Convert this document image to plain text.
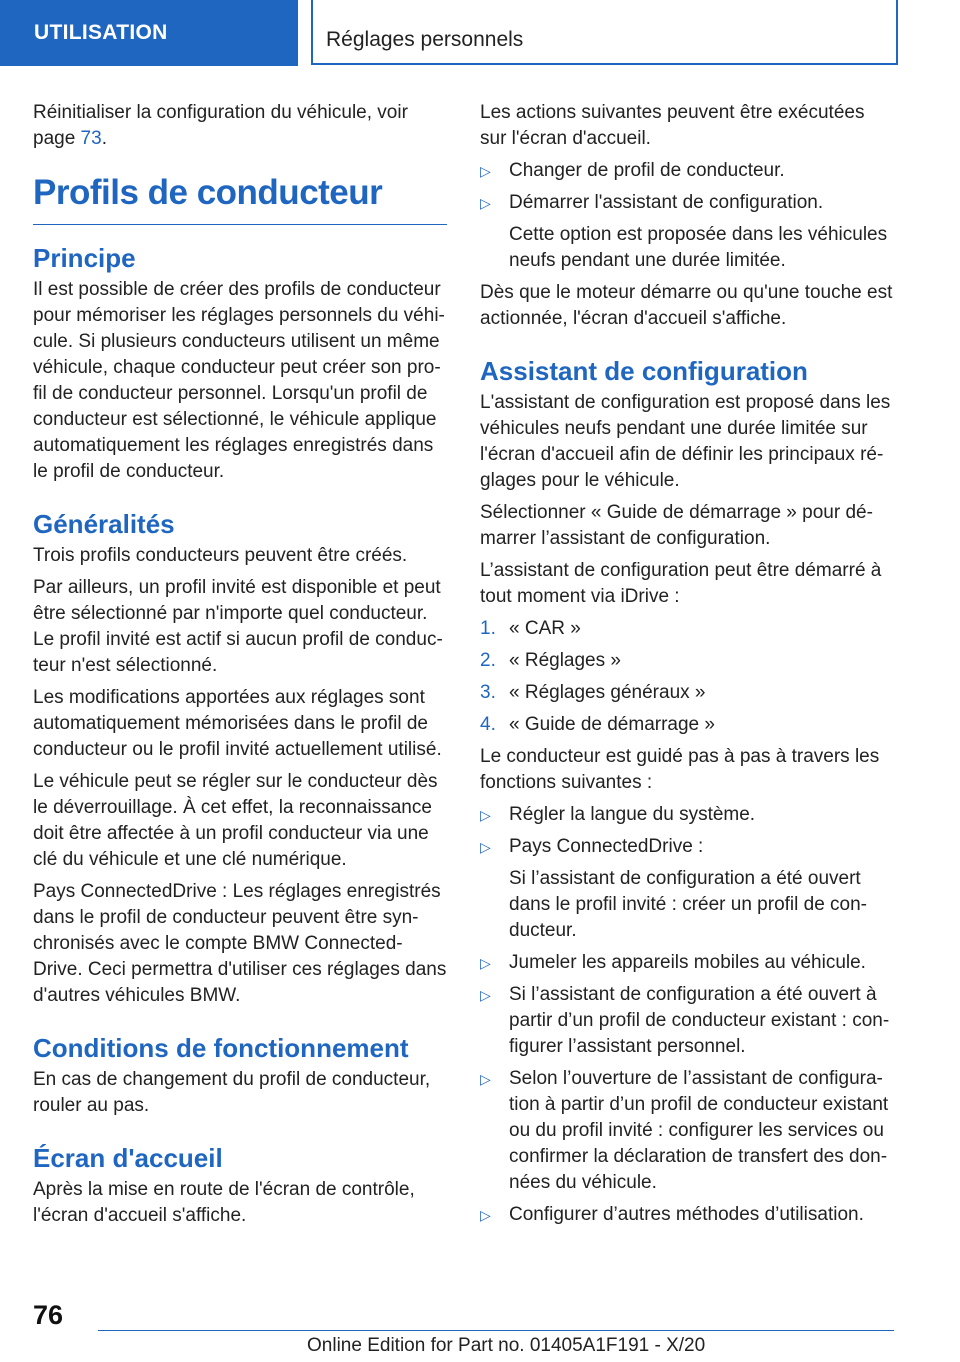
UTILISATION	Réglages personnels

Réinitialiser la configuration du véhicule, voir page 73.

Profils de conducteur
Principe

Il est possible de créer des profils de conducteur pour mémoriser les réglages personnels du véhi‐cule. Si plusieurs conducteurs utilisent un même véhicule, chaque conducteur peut créer son pro‐fil de conducteur personnel. Lorsqu'un profil de conducteur est sélectionné, le véhicule applique automatiquement les réglages enregistrés dans le profil de conducteur.

Généralités

Trois profils conducteurs peuvent être créés.

Par ailleurs, un profil invité est disponible et peut être sélectionné par n'importe quel conducteur. Le profil invité est actif si aucun profil de conduc‐teur n'est sélectionné.

Les modifications apportées aux réglages sont automatiquement mémorisées dans le profil de conducteur ou le profil invité actuellement utilisé.

Le véhicule peut se régler sur le conducteur dès le déverrouillage. À cet effet, la reconnaissance doit être affectée à un profil conducteur via une clé du véhicule et une clé numérique.

Pays ConnectedDrive : Les réglages enregistrés dans le profil de conducteur peuvent être syn‐chronisés avec le compte BMW Connected‐Drive. Ceci permettra d'utiliser ces réglages dans d'autres véhicules BMW.

Conditions de fonctionnement

En cas de changement du profil de conducteur, rouler au pas.

Écran d'accueil

Après la mise en route de l'écran de contrôle, l'écran d'accueil s'affiche.

Les actions suivantes peuvent être exécutées sur l'écran d'accueil.

▷ Changer de profil de conducteur.
▷ Démarrer l'assistant de configuration.
Cette option est proposée dans les véhicules neufs pendant une durée limitée.

Dès que le moteur démarre ou qu'une touche est actionnée, l'écran d'accueil s'affiche.

Assistant de configuration

L'assistant de configuration est proposé dans les véhicules neufs pendant une durée limitée sur l'écran d'accueil afin de définir les principaux ré‐glages pour le véhicule.

Sélectionner « Guide de démarrage » pour dé‐marrer l’assistant de configuration.

L’assistant de configuration peut être démarré à tout moment via iDrive :

1. « CAR »
2. « Réglages »
3. « Réglages généraux »
4. « Guide de démarrage »

Le conducteur est guidé pas à pas à travers les fonctions suivantes :

▷ Régler la langue du système.
▷ Pays ConnectedDrive :
Si l’assistant de configuration a été ouvert dans le profil invité : créer un profil de con‐ducteur.
▷ Jumeler les appareils mobiles au véhicule.
▷ Si l’assistant de configuration a été ouvert à partir d’un profil de conducteur existant : con‐figurer l’assistant personnel.
▷ Selon l’ouverture de l’assistant de configura‐tion à partir d’un profil de conducteur existant ou du profil invité : configurer les services ou confirmer la déclaration de transfert des don‐nées du véhicule.
▷ Configurer d’autres méthodes d’utilisation.
76
Online Edition for Part no. 01405A1F191 - X/20
